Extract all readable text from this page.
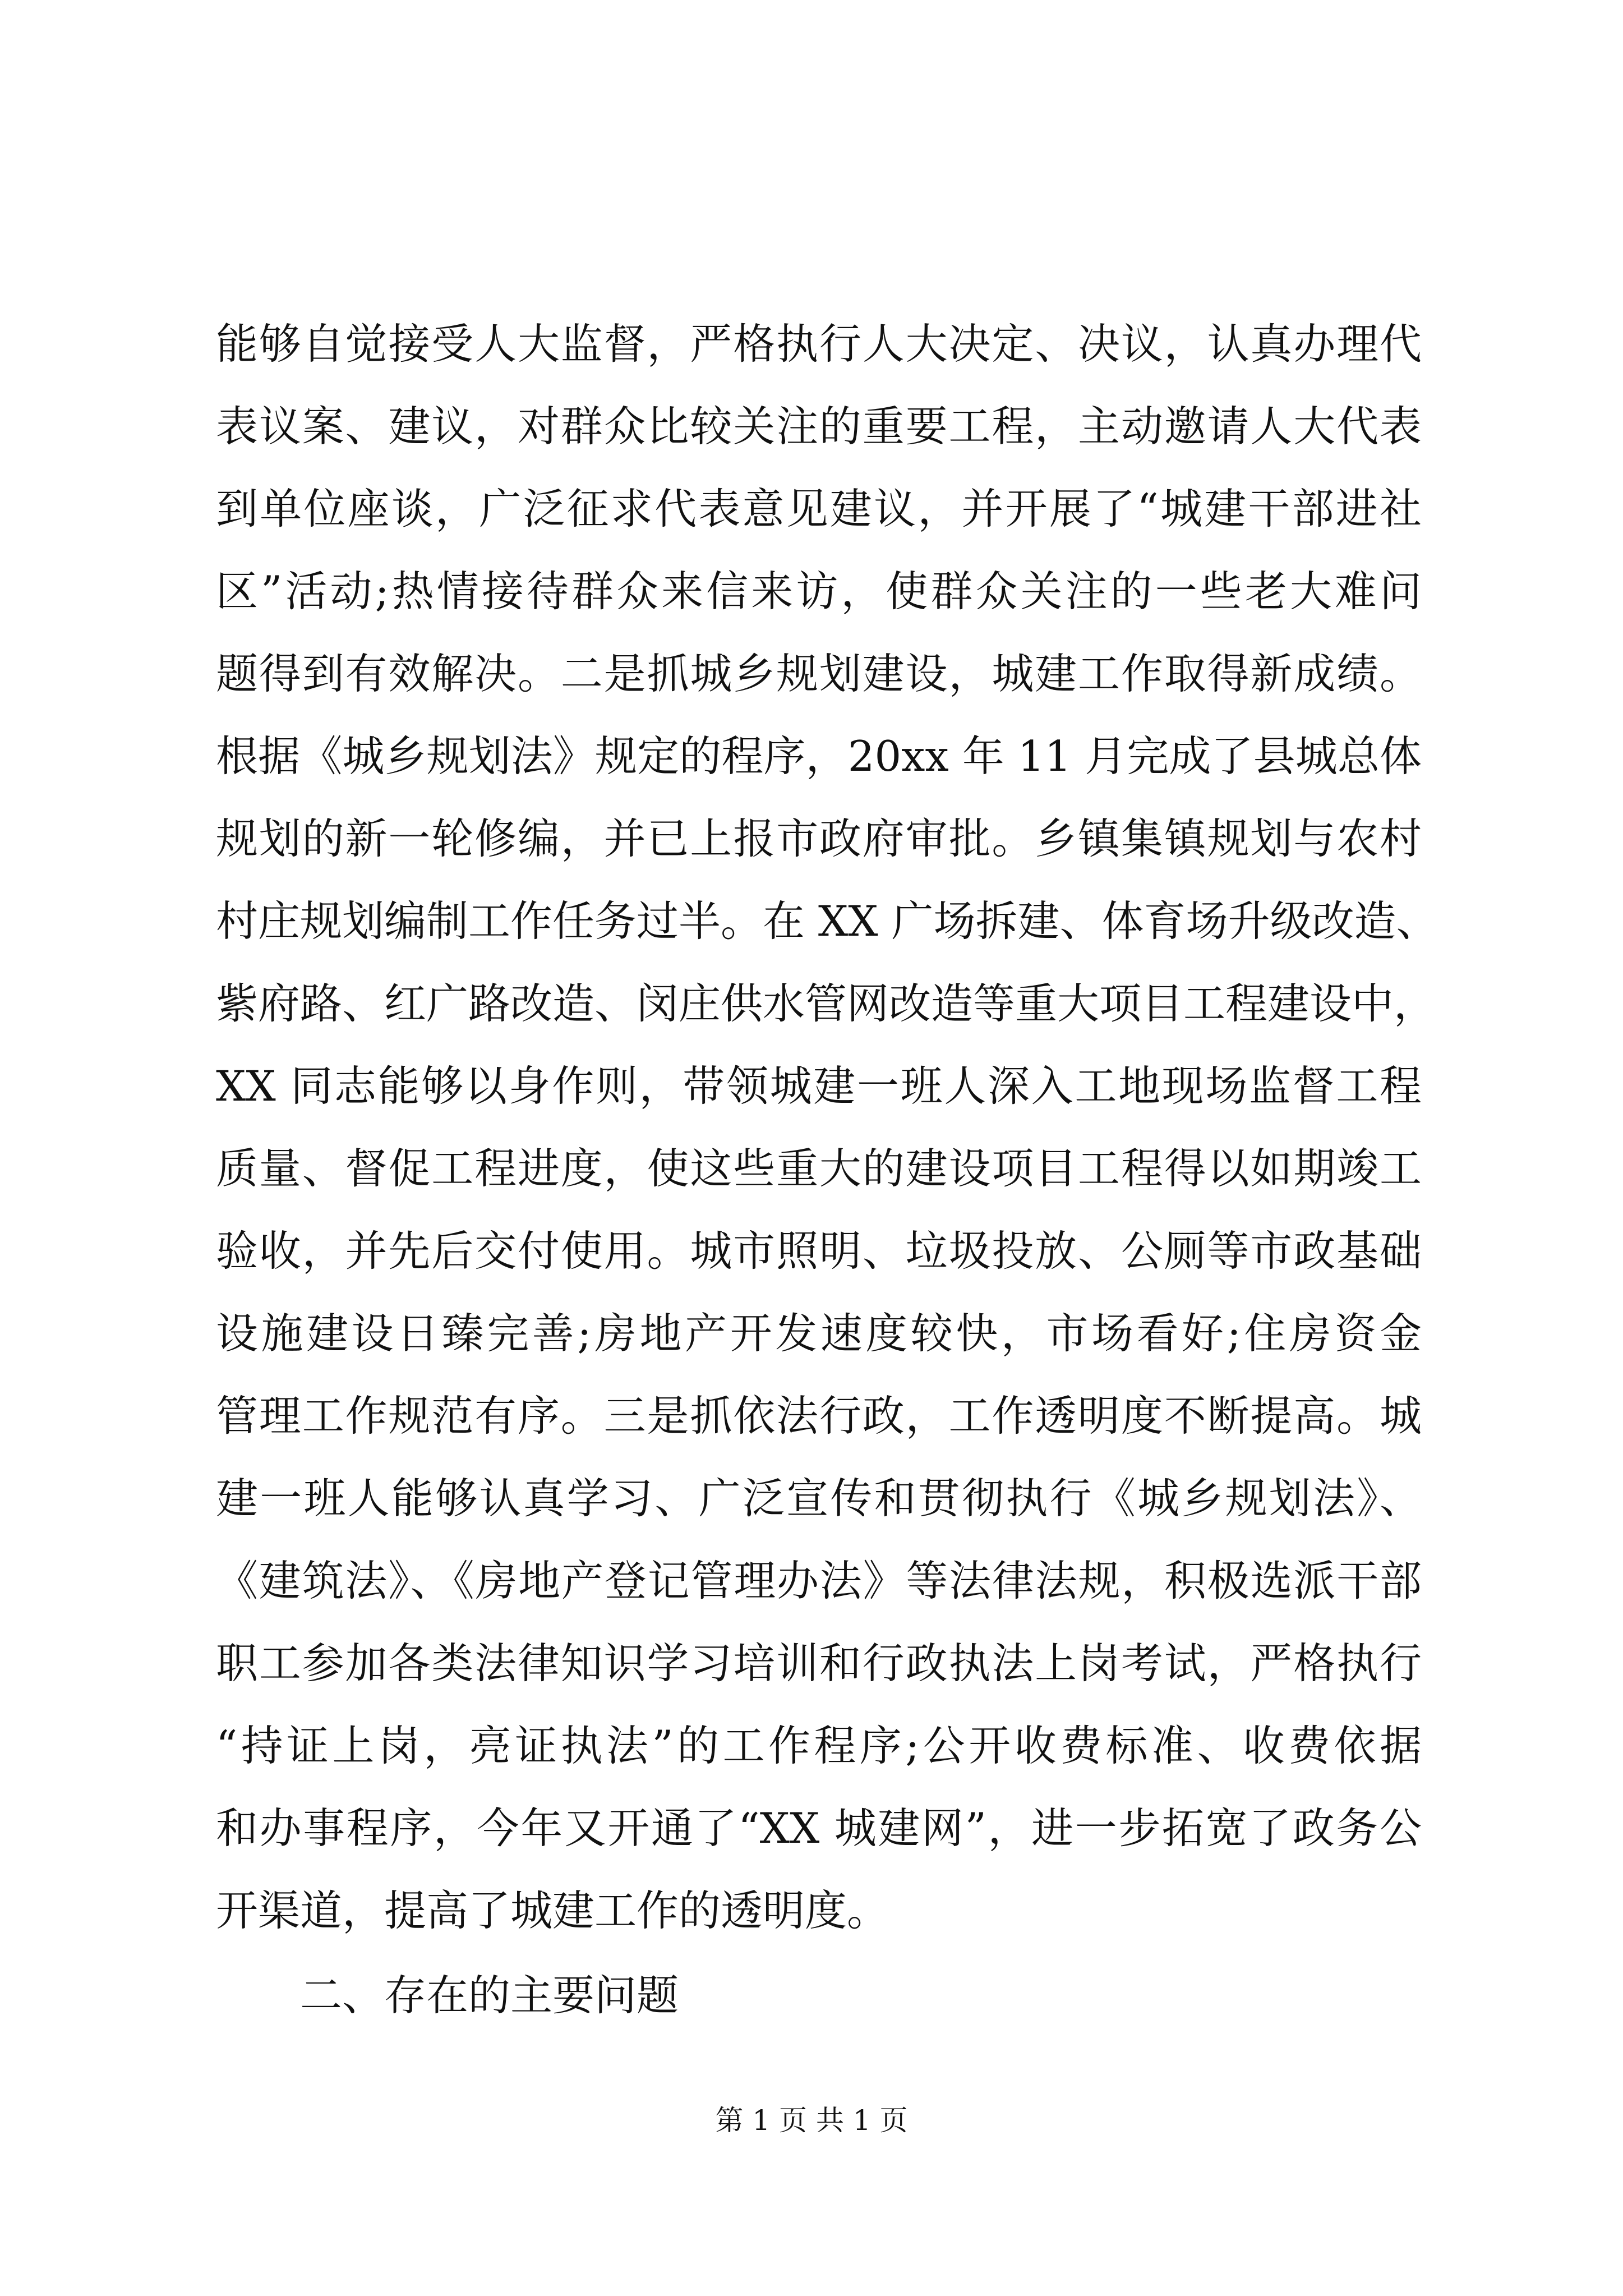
能够自觉接受人大监督，严格执行人大决定、决议，认真办理代
表议案、建议，对群众比较关注的重要工程，主动邀请人大代表
到单位座谈，广泛征求代表意见建议，并开展了“城建干部进社
区”活动;热情接待群众来信来访，使群众关注的一些老大难问
题得到有效解决。二是抓城乡规划建设，城建工作取得新成绩。
根据《城乡规划法》规定的程序，20xx 年 11 月完成了县城总体
规划的新一轮修编，并已上报市政府审批。乡镇集镇规划与农村
村庄规划编制工作任务过半。在 XX 广场拆建、体育场升级改造、
紫府路、红广路改造、闵庄供水管网改造等重大项目工程建设中，
XX 同志能够以身作则，带领城建一班人深入工地现场监督工程
质量、督促工程进度，使这些重大的建设项目工程得以如期竣工
验收，并先后交付使用。城市照明、垃圾投放、公厕等市政基础
设施建设日臻完善;房地产开发速度较快，市场看好;住房资金
管理工作规范有序。三是抓依法行政，工作透明度不断提高。城
建一班人能够认真学习、广泛宣传和贯彻执行《城乡规划法》、
《建筑法》、《房地产登记管理办法》等法律法规，积极选派干部
职工参加各类法律知识学习培训和行政执法上岗考试，严格执行
“持证上岗，亮证执法”的工作程序;公开收费标准、收费依据
和办事程序，今年又开通了“XX 城建网”，进一步拓宽了政务公
开渠道，提高了城建工作的透明度。
二、存在的主要问题
第 1 页 共 1 页
